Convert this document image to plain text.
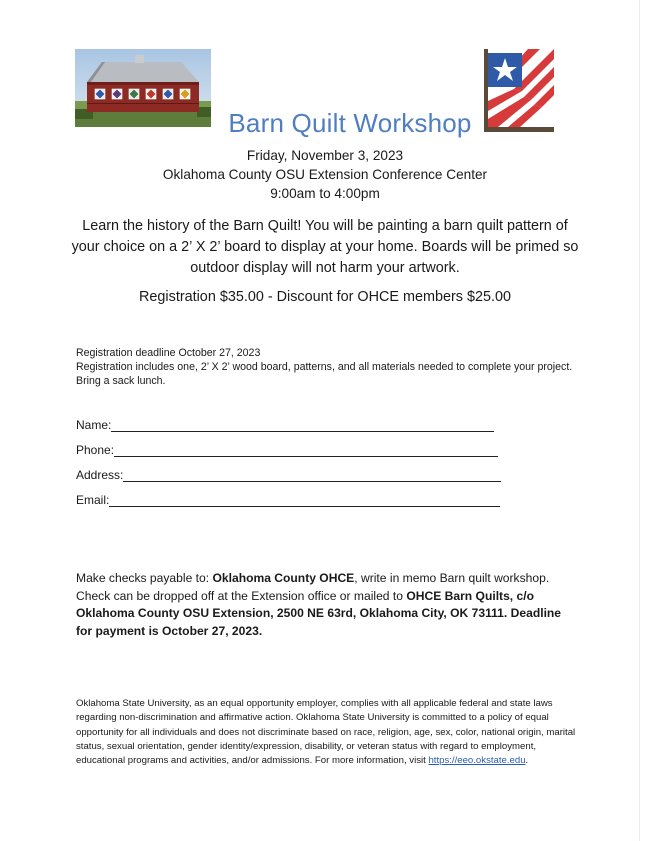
Barn Quilt Workshop
Friday, November 3, 2023
Oklahoma County OSU Extension Conference Center
9:00am to 4:00pm
Learn the history of the Barn Quilt! You will be painting a barn quilt pattern of your choice on a 2’ X 2’ board to display at your home. Boards will be primed so outdoor display will not harm your artwork.
Registration $35.00 - Discount for OHCE members $25.00
Registration deadline October 27, 2023
Registration includes one, 2’ X 2’ wood board, patterns, and all materials needed to complete your project. Bring a sack lunch.
Name:
Phone:
Address:
Email:
Make checks payable to: Oklahoma County OHCE, write in memo Barn quilt workshop. Check can be dropped off at the Extension office or mailed to OHCE Barn Quilts, c/o Oklahoma County OSU Extension, 2500 NE 63rd, Oklahoma City, OK 73111. Deadline for payment is October 27, 2023.
Oklahoma State University, as an equal opportunity employer, complies with all applicable federal and state laws regarding non-discrimination and affirmative action. Oklahoma State University is committed to a policy of equal opportunity for all individuals and does not discriminate based on race, religion, age, sex, color, national origin, marital status, sexual orientation, gender identity/expression, disability, or veteran status with regard to employment, educational programs and activities, and/or admissions. For more information, visit https://eeo.okstate.edu.
